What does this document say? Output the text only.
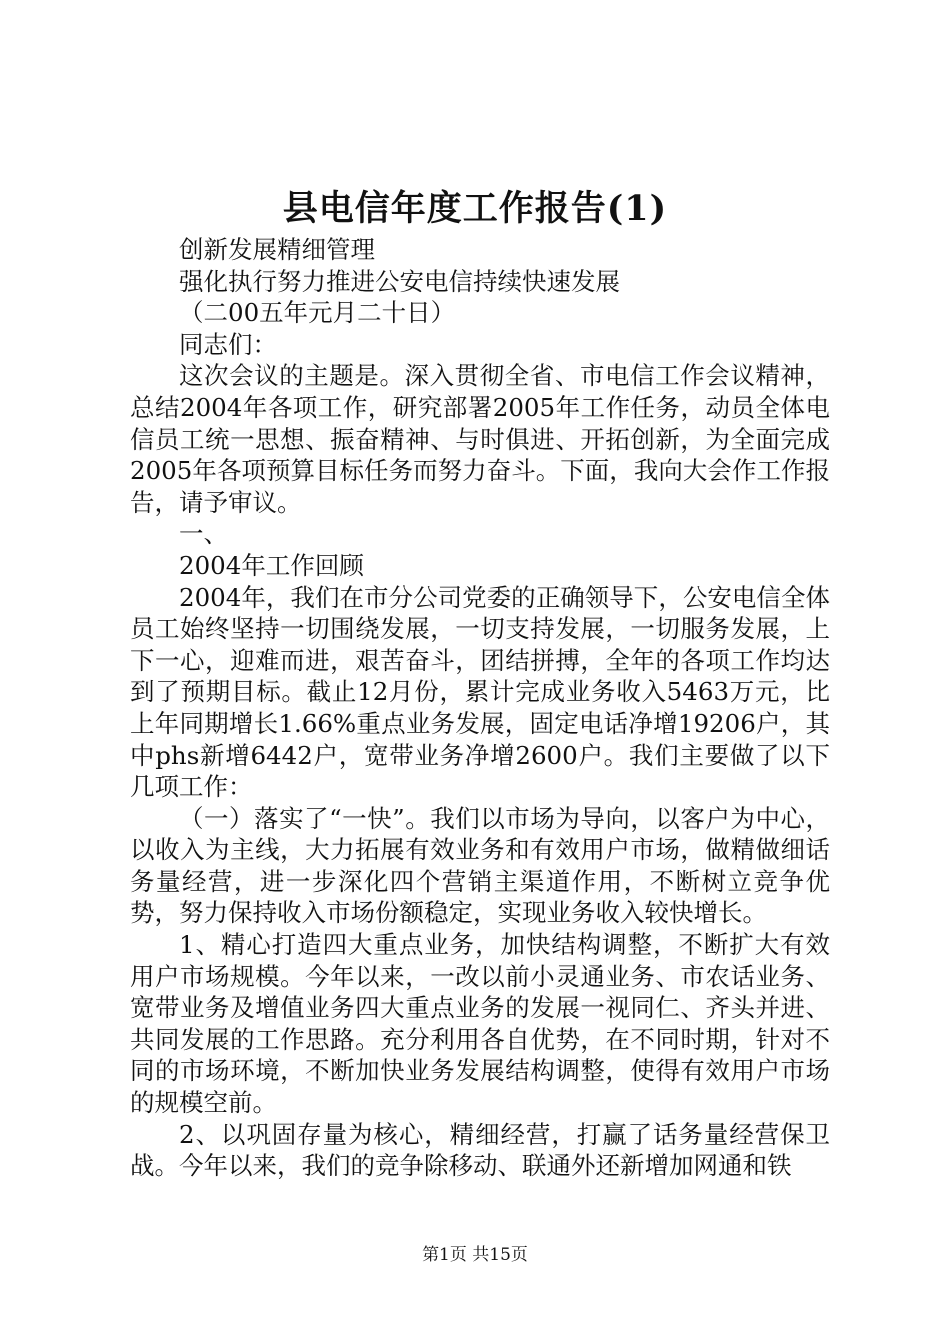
县电信年度工作报告(1)

创新发展精细管理

强化执行努力推进公安电信持续快速发展

（二00五年元月二十日）

同志们：

这次会议的主题是。深入贯彻全省、市电信工作会议精神，总结2004年各项工作，研究部署2005年工作任务，动员全体电信员工统一思想、振奋精神、与时俱进、开拓创新，为全面完成2005年各项预算目标任务而努力奋斗。下面，我向大会作工作报告，请予审议。

一、

2004年工作回顾

2004年，我们在市分公司党委的正确领导下，公安电信全体员工始终坚持一切围绕发展，一切支持发展，一切服务发展，上下一心，迎难而进，艰苦奋斗，团结拼搏，全年的各项工作均达到了预期目标。截止12月份，累计完成业务收入5463万元，比上年同期增长1.66%重点业务发展，固定电话净增19206户，其中phs新增6442户，宽带业务净增2600户。我们主要做了以下几项工作：

（一）落实了“一快”。我们以市场为导向，以客户为中心，以收入为主线，大力拓展有效业务和有效用户市场，做精做细话务量经营，进一步深化四个营销主渠道作用，不断树立竞争优势，努力保持收入市场份额稳定，实现业务收入较快增长。

1、精心打造四大重点业务，加快结构调整，不断扩大有效用户市场规模。今年以来，一改以前小灵通业务、市农话业务、宽带业务及增值业务四大重点业务的发展一视同仁、齐头并进、共同发展的工作思路。充分利用各自优势，在不同时期，针对不同的市场环境，不断加快业务发展结构调整，使得有效用户市场的规模空前。

2、以巩固存量为核心，精细经营，打赢了话务量经营保卫战。今年以来，我们的竞争除移动、联通外还新增加网通和铁

第1页 共15页
